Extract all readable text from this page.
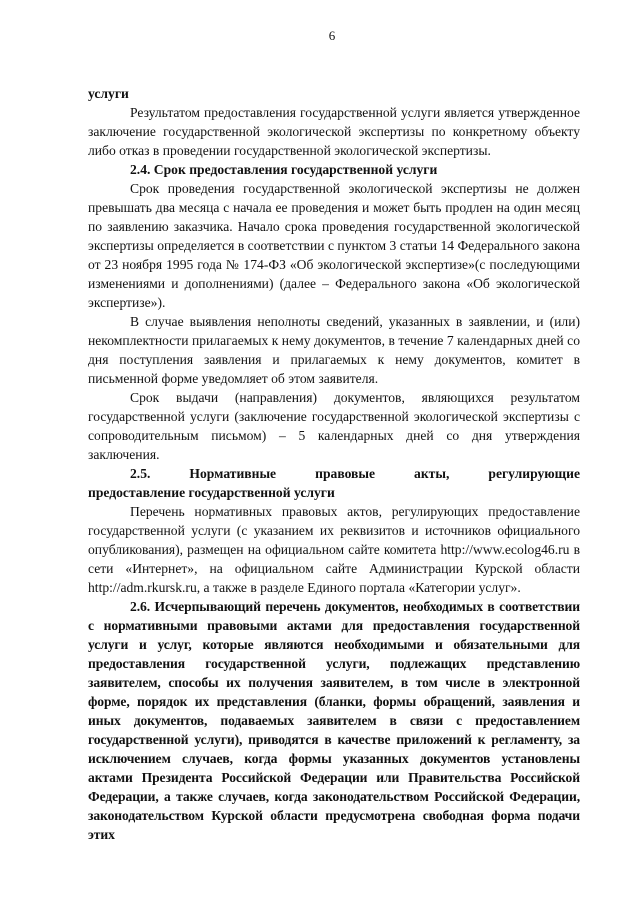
6

услуги

Результатом предоставления государственной услуги является утвержденное заключение государственной экологической экспертизы по конкретному объекту либо отказ в проведении государственной экологической экспертизы.

2.4. Срок предоставления государственной услуги

Срок проведения государственной экологической экспертизы не должен превышать два месяца с начала ее проведения и может быть продлен на один месяц по заявлению заказчика. Начало срока проведения государственной экологической экспертизы определяется в соответствии с пунктом 3 статьи 14 Федерального закона от 23 ноября 1995 года № 174-ФЗ «Об экологической экспертизе»(с последующими изменениями и дополнениями) (далее – Федерального закона «Об экологической экспертизе»).

В случае выявления неполноты сведений, указанных в заявлении, и (или) некомплектности прилагаемых к нему документов, в течение 7 календарных дней со дня поступления заявления и прилагаемых к нему документов, комитет в письменной форме уведомляет об этом заявителя.

Срок выдачи (направления) документов, являющихся результатом государственной услуги (заключение государственной экологической экспертизы с сопроводительным письмом) – 5 календарных дней со дня утверждения заключения.

2.5. Нормативные правовые акты, регулирующие

предоставление государственной услуги

Перечень нормативных правовых актов, регулирующих предоставление государственной услуги (с указанием их реквизитов и источников официального опубликования), размещен на официальном сайте комитета http://www.ecolog46.ru в сети «Интернет», на официальном сайте Администрации Курской области http://adm.rkursk.ru, а также в разделе Единого портала «Категории услуг».

2.6. Исчерпывающий перечень документов, необходимых в соответствии с нормативными правовыми актами для предоставления государственной услуги и услуг, которые являются необходимыми и обязательными для предоставления государственной услуги, подлежащих представлению заявителем, способы их получения заявителем, в том числе в электронной форме, порядок их представления (бланки, формы обращений, заявления и иных документов, подаваемых заявителем в связи с предоставлением государственной услуги), приводятся в качестве приложений к регламенту, за исключением случаев, когда формы указанных документов установлены актами Президента Российской Федерации или Правительства Российской Федерации, а также случаев, когда законодательством Российской Федерации, законодательством Курской области предусмотрена свободная форма подачи этих
